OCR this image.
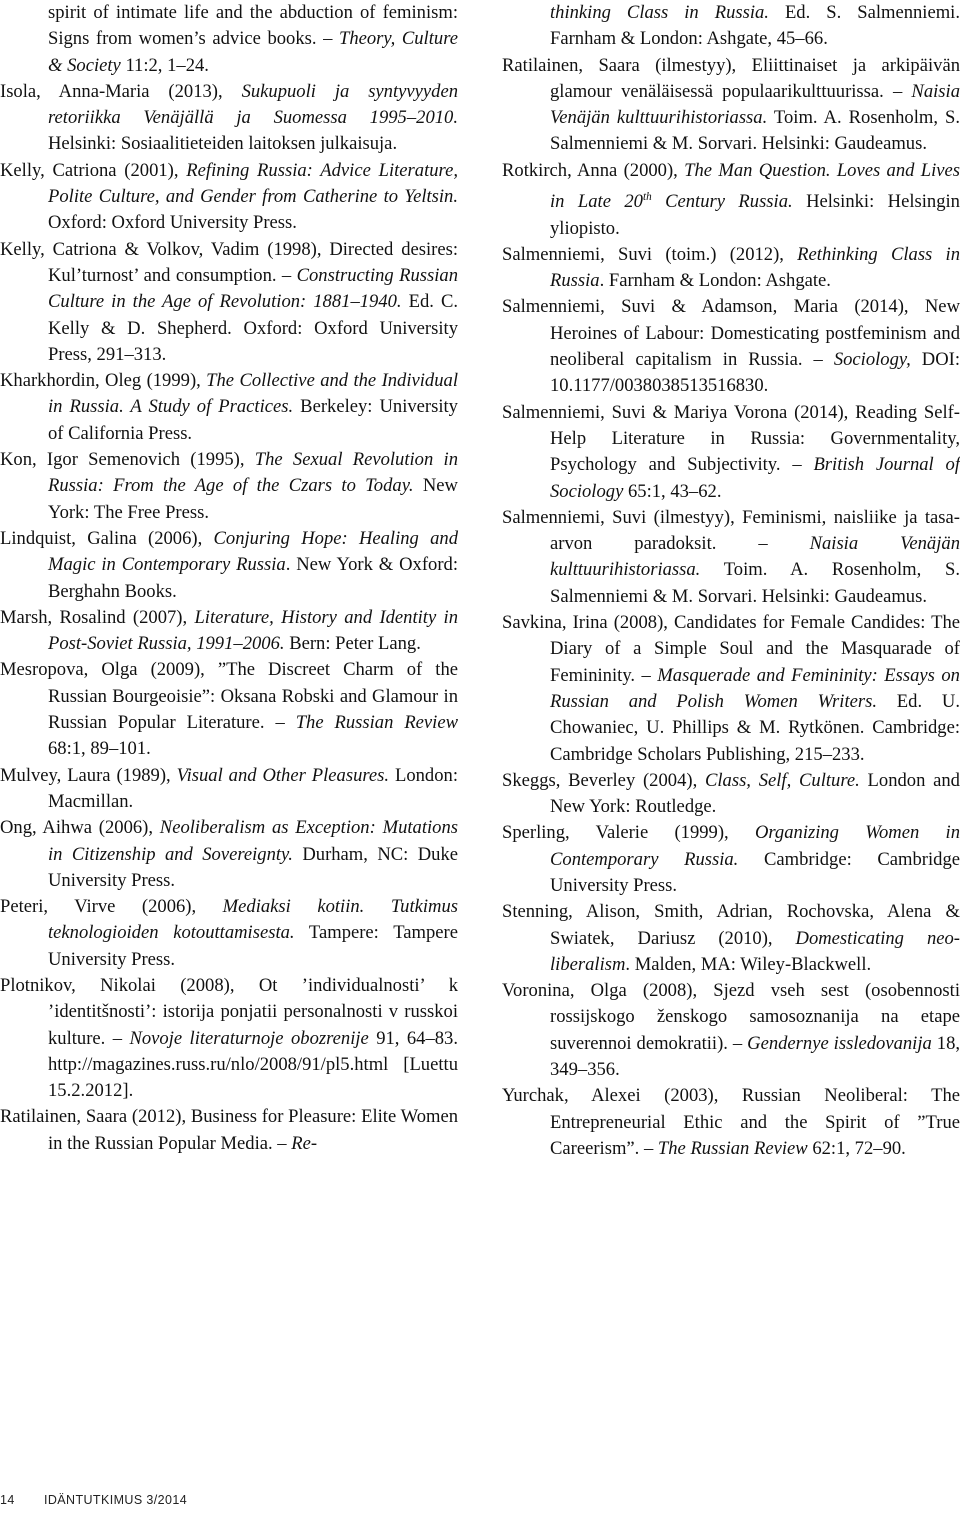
spirit of intimate life and the abduction of feminism: Signs from women’s advice books. – Theory, Culture & Society 11:2, 1–24.

Isola, Anna-Maria (2013), Sukupuoli ja syntyvyyden retoriikka Venäjällä ja Suomessa 1995–2010. Helsinki: Sosiaalitieteiden laitoksen julkaisuja.

Kelly, Catriona (2001), Refining Russia: Advice Literature, Polite Culture, and Gender from Catherine to Yeltsin. Oxford: Oxford University Press.

Kelly, Catriona & Volkov, Vadim (1998), Directed desires: Kul’turnost’ and consumption. – Constructing Russian Culture in the Age of Revolution: 1881–1940. Ed. C. Kelly & D. Shepherd. Oxford: Oxford University Press, 291–313.

Kharkhordin, Oleg (1999), The Collective and the Individual in Russia. A Study of Practices. Berkeley: University of California Press.

Kon, Igor Semenovich (1995), The Sexual Revolution in Russia: From the Age of the Czars to Today. New York: The Free Press.

Lindquist, Galina (2006), Conjuring Hope: Healing and Magic in Contemporary Russia. New York & Oxford: Berghahn Books.

Marsh, Rosalind (2007), Literature, History and Identity in Post-Soviet Russia, 1991–2006. Bern: Peter Lang.

Mesropova, Olga (2009), ”The Discreet Charm of the Russian Bourgeoisie”: Oksana Robski and Glamour in Russian Popular Literature. – The Russian Review 68:1, 89–101.

Mulvey, Laura (1989), Visual and Other Pleasures. London: Macmillan.

Ong, Aihwa (2006), Neoliberalism as Exception: Mutations in Citizenship and Sovereignty. Durham, NC: Duke University Press.

Peteri, Virve (2006), Mediaksi kotiin. Tutkimus teknologioiden kotouttamisesta. Tampere: Tampere University Press.

Plotnikov, Nikolai (2008), Ot ’individualnosti’ k ’identitšnosti’: istorija ponjatii personalnosti v russkoi kulture. – Novoje literaturnoje obozrenije 91, 64–83. http://magazines.russ.ru/nlo/2008/91/pl5.html [Luettu 15.2.2012].

Ratilainen, Saara (2012), Business for Pleasure: Elite Women in the Russian Popular Media. – Re-

thinking Class in Russia. Ed. S. Salmenniemi. Farnham & London: Ashgate, 45–66.

Ratilainen, Saara (ilmestyy), Eliittinaiset ja arkipäivän glamour venäläisessä populaarikulttuurissa. – Naisia Venäjän kulttuurihistoriassa. Toim. A. Rosenholm, S. Salmenniemi & M. Sorvari. Helsinki: Gaudeamus.

Rotkirch, Anna (2000), The Man Question. Loves and Lives in Late 20th Century Russia. Helsinki: Helsingin yliopisto.

Salmenniemi, Suvi (toim.) (2012), Rethinking Class in Russia. Farnham & London: Ashgate.

Salmenniemi, Suvi & Adamson, Maria (2014), New Heroines of Labour: Domesticating postfeminism and neoliberal capitalism in Russia. – Sociology, DOI: 10.1177/0038038513516830.

Salmenniemi, Suvi & Mariya Vorona (2014), Reading Self-Help Literature in Russia: Governmentality, Psychology and Subjectivity. – British Journal of Sociology 65:1, 43–62.

Salmenniemi, Suvi (ilmestyy), Feminismi, naisliike ja tasa-arvon paradoksit. – Naisia Venäjän kulttuurihistoriassa. Toim. A. Rosenholm, S. Salmenniemi & M. Sorvari. Helsinki: Gaudeamus.

Savkina, Irina (2008), Candidates for Female Candides: The Diary of a Simple Soul and the Masquarade of Femininity. – Masquerade and Femininity: Essays on Russian and Polish Women Writers. Ed. U. Chowaniec, U. Phillips & M. Rytkönen. Cambridge: Cambridge Scholars Publishing, 215–233.

Skeggs, Beverley (2004), Class, Self, Culture. London and New York: Routledge.

Sperling, Valerie (1999), Organizing Women in Contemporary Russia. Cambridge: Cambridge University Press.

Stenning, Alison, Smith, Adrian, Rochovska, Alena & Swiatek, Dariusz (2010), Domesticating neo-liberalism. Malden, MA: Wiley-Blackwell.

Voronina, Olga (2008), Sjezd vseh sest (osobennosti rossijskogo ženskogo samosoznanija na etape suverennoi demokratii). – Gendernye issledovanija 18, 349–356.

Yurchak, Alexei (2003), Russian Neoliberal: The Entrepreneurial Ethic and the Spirit of ”True Careerism”. – The Russian Review 62:1, 72–90.

14 IDÄNTUTKIMUS 3/2014
